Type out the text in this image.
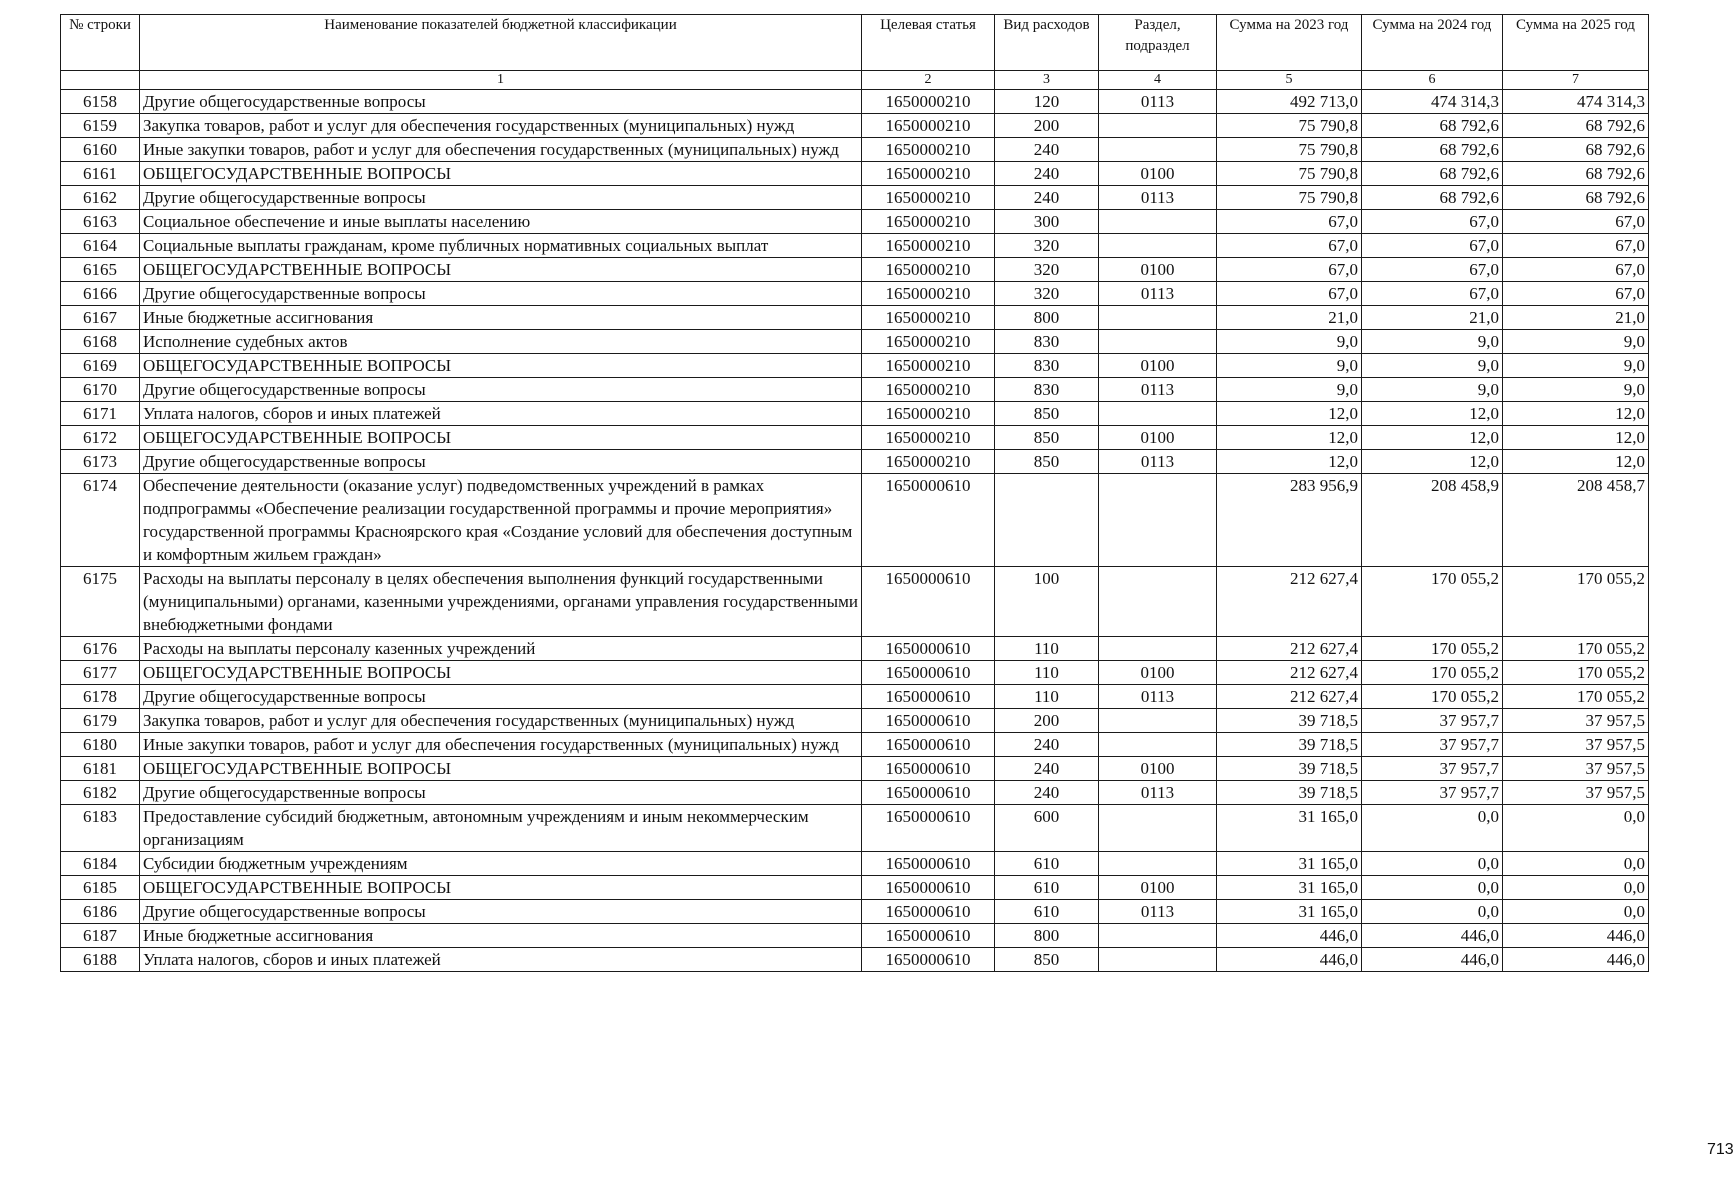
№ строки	Наименование показателей бюджетной классификации	Целевая статья	Вид расходов	Раздел, подраздел	Сумма на 2023 год	Сумма на 2024 год	Сумма на 2025 год
	1	2	3	4	5	6	7
6158	Другие общегосударственные вопросы	1650000210	120	0113	492 713,0	474 314,3	474 314,3
6159	Закупка товаров, работ и услуг для обеспечения государственных (муниципальных) нужд	1650000210	200		75 790,8	68 792,6	68 792,6
6160	Иные закупки товаров, работ и услуг для обеспечения государственных (муниципальных) нужд	1650000210	240		75 790,8	68 792,6	68 792,6
6161	ОБЩЕГОСУДАРСТВЕННЫЕ ВОПРОСЫ	1650000210	240	0100	75 790,8	68 792,6	68 792,6
6162	Другие общегосударственные вопросы	1650000210	240	0113	75 790,8	68 792,6	68 792,6
6163	Социальное обеспечение и иные выплаты населению	1650000210	300		67,0	67,0	67,0
6164	Социальные выплаты гражданам, кроме публичных нормативных социальных выплат	1650000210	320		67,0	67,0	67,0
6165	ОБЩЕГОСУДАРСТВЕННЫЕ ВОПРОСЫ	1650000210	320	0100	67,0	67,0	67,0
6166	Другие общегосударственные вопросы	1650000210	320	0113	67,0	67,0	67,0
6167	Иные бюджетные ассигнования	1650000210	800		21,0	21,0	21,0
6168	Исполнение судебных актов	1650000210	830		9,0	9,0	9,0
6169	ОБЩЕГОСУДАРСТВЕННЫЕ ВОПРОСЫ	1650000210	830	0100	9,0	9,0	9,0
6170	Другие общегосударственные вопросы	1650000210	830	0113	9,0	9,0	9,0
6171	Уплата налогов, сборов и иных платежей	1650000210	850		12,0	12,0	12,0
6172	ОБЩЕГОСУДАРСТВЕННЫЕ ВОПРОСЫ	1650000210	850	0100	12,0	12,0	12,0
6173	Другие общегосударственные вопросы	1650000210	850	0113	12,0	12,0	12,0
6174	Обеспечение деятельности (оказание услуг) подведомственных учреждений в рамках подпрограммы «Обеспечение реализации государственной программы и прочие мероприятия» государственной программы Красноярского края «Создание условий для обеспечения доступным и комфортным жильем граждан»	1650000610			283 956,9	208 458,9	208 458,7
6175	Расходы на выплаты персоналу в целях обеспечения выполнения функций государственными (муниципальными) органами, казенными учреждениями, органами управления государственными внебюджетными фондами	1650000610	100		212 627,4	170 055,2	170 055,2
6176	Расходы на выплаты персоналу казенных учреждений	1650000610	110		212 627,4	170 055,2	170 055,2
6177	ОБЩЕГОСУДАРСТВЕННЫЕ ВОПРОСЫ	1650000610	110	0100	212 627,4	170 055,2	170 055,2
6178	Другие общегосударственные вопросы	1650000610	110	0113	212 627,4	170 055,2	170 055,2
6179	Закупка товаров, работ и услуг для обеспечения государственных (муниципальных) нужд	1650000610	200		39 718,5	37 957,7	37 957,5
6180	Иные закупки товаров, работ и услуг для обеспечения государственных (муниципальных) нужд	1650000610	240		39 718,5	37 957,7	37 957,5
6181	ОБЩЕГОСУДАРСТВЕННЫЕ ВОПРОСЫ	1650000610	240	0100	39 718,5	37 957,7	37 957,5
6182	Другие общегосударственные вопросы	1650000610	240	0113	39 718,5	37 957,7	37 957,5
6183	Предоставление субсидий бюджетным, автономным учреждениям и иным некоммерческим организациям	1650000610	600		31 165,0	0,0	0,0
6184	Субсидии бюджетным учреждениям	1650000610	610		31 165,0	0,0	0,0
6185	ОБЩЕГОСУДАРСТВЕННЫЕ ВОПРОСЫ	1650000610	610	0100	31 165,0	0,0	0,0
6186	Другие общегосударственные вопросы	1650000610	610	0113	31 165,0	0,0	0,0
6187	Иные бюджетные ассигнования	1650000610	800		446,0	446,0	446,0
6188	Уплата налогов, сборов и иных платежей	1650000610	850		446,0	446,0	446,0
713
